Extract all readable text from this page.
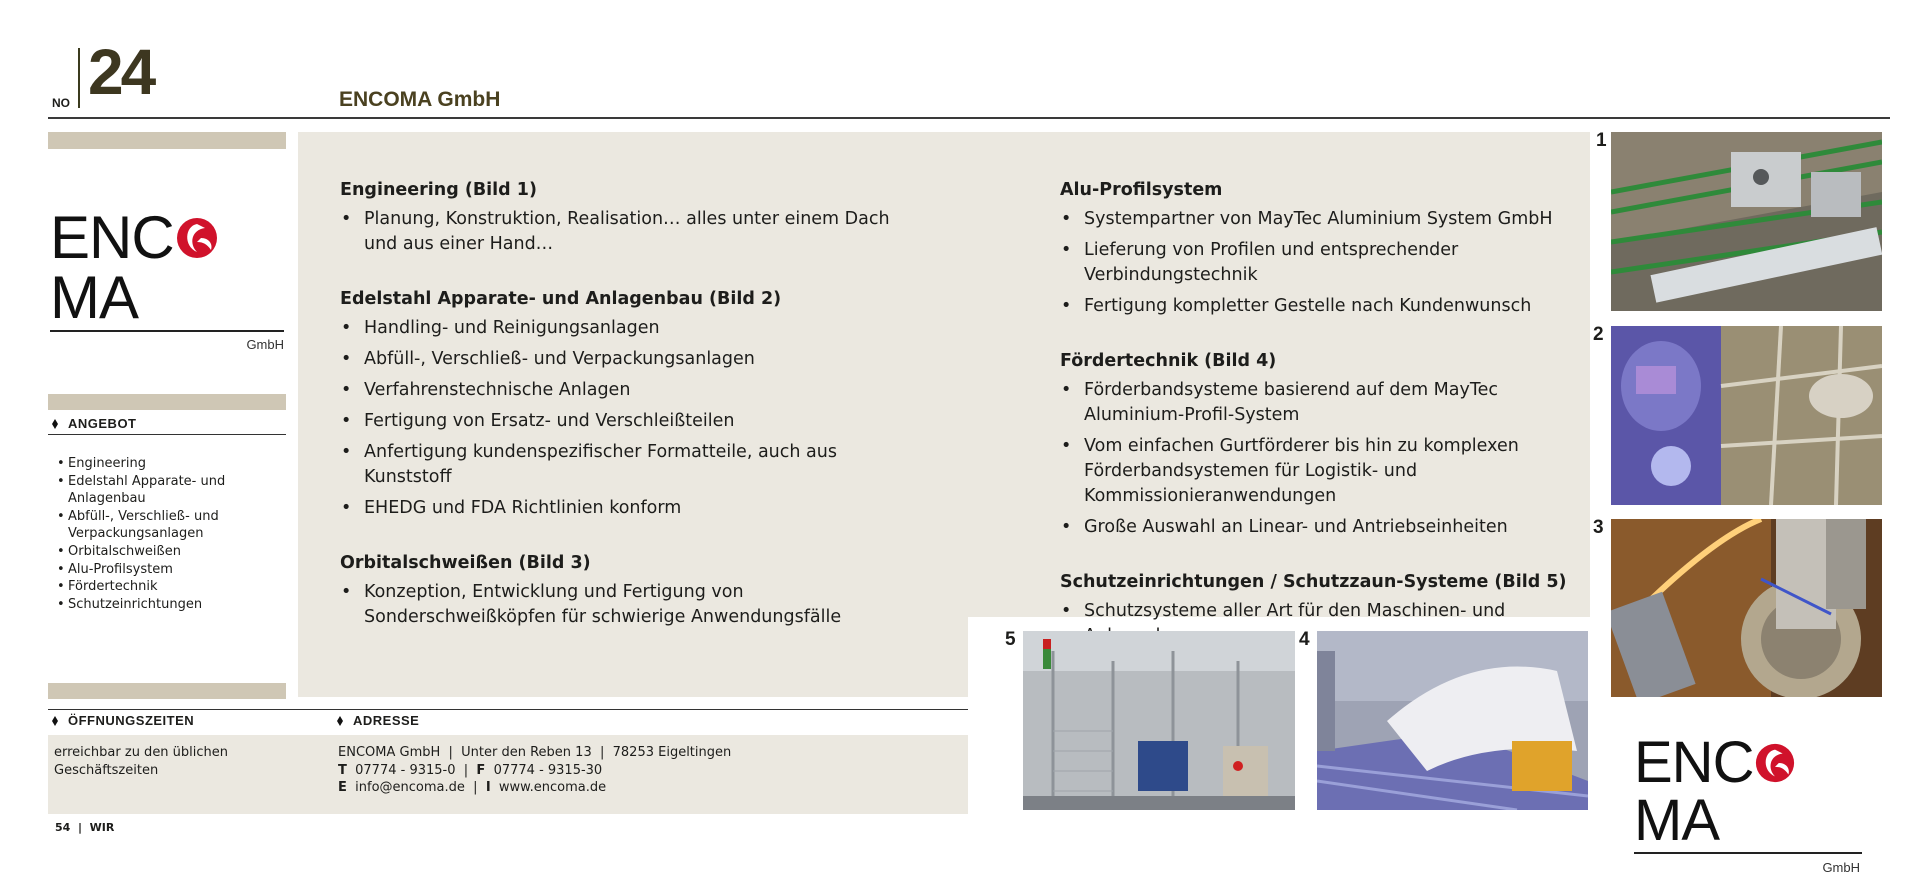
NO 24	ENCOMA GmbH
ENCMA
GmbH
ANGEBOT
• Engineering
• Edelstahl Apparate- und Anlagenbau
• Abfüll-, Verschließ- und Verpackungsanlagen
• Orbitalschweißen
• Alu-Profilsystem
• Fördertechnik
• Schutzeinrichtungen
Engineering (Bild 1)
• Planung, Konstruktion, Realisation… alles unter einem Dach und aus einer Hand…
Edelstahl Apparate- und Anlagenbau (Bild 2)
• Handling- und Reinigungsanlagen
• Abfüll-, Verschließ- und Verpackungsanlagen
• Verfahrenstechnische Anlagen
• Fertigung von Ersatz- und Verschleißteilen
• Anfertigung kundenspezifischer Formatteile, auch aus Kunststoff
• EHEDG und FDA Richtlinien konform
Orbitalschweißen (Bild 3)
• Konzeption, Entwicklung und Fertigung von Sonderschweißköpfen für schwierige Anwendungsfälle
Alu-Profilsystem
• Systempartner von MayTec Aluminium System GmbH
• Lieferung von Profilen und entsprechender Verbindungstechnik
• Fertigung kompletter Gestelle nach Kundenwunsch
Fördertechnik (Bild 4)
• Förderbandsysteme basierend auf dem MayTec Aluminium-Profil-System
• Vom einfachen Gurtförderer bis hin zu komplexen Förderbandsystemen für Logistik- und Kommissionieranwendungen
• Große Auswahl an Linear- und Antriebseinheiten
Schutzeinrichtungen / Schutzzaun-Systeme (Bild 5)
• Schutzsysteme aller Art für den Maschinen- und
ÖFFNUNGSZEITEN	ADRESSE
erreichbar zu den üblichen Geschäftszeiten
ENCOMA GmbH  |  Unter den Reben 13  |  78253 Eigeltingen
T 07774 - 9315-0  |  F 07774 - 9315-30
E info@encoma.de  |  I www.encoma.de
54  |  WIR
1
2
3
4
5
ENCMA
GmbH
